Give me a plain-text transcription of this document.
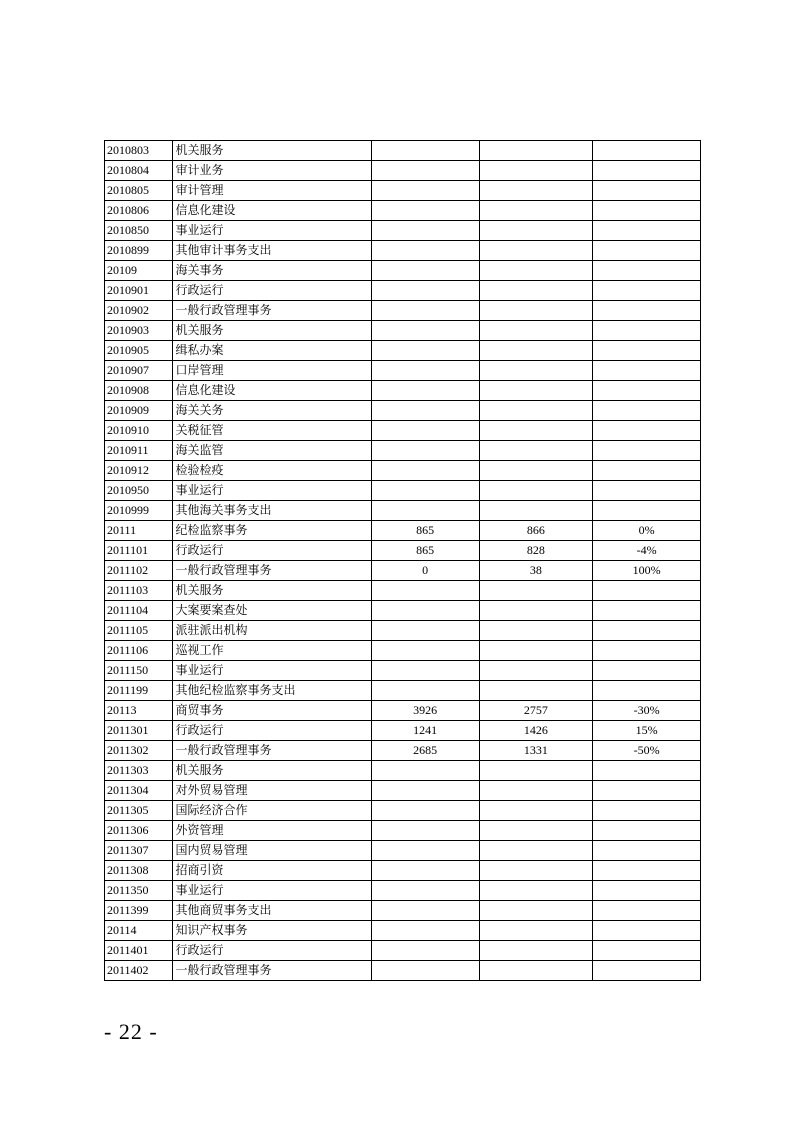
2010803	机关服务			
2010804	审计业务			
2010805	审计管理			
2010806	信息化建设			
2010850	事业运行			
2010899	其他审计事务支出			
20109	海关事务			
2010901	行政运行			
2010902	一般行政管理事务			
2010903	机关服务			
2010905	缉私办案			
2010907	口岸管理			
2010908	信息化建设			
2010909	海关关务			
2010910	关税征管			
2010911	海关监管			
2010912	检验检疫			
2010950	事业运行			
2010999	其他海关事务支出			
20111	纪检监察事务	865	866	0%
2011101	行政运行	865	828	-4%
2011102	一般行政管理事务	0	38	100%
2011103	机关服务			
2011104	大案要案查处			
2011105	派驻派出机构			
2011106	巡视工作			
2011150	事业运行			
2011199	其他纪检监察事务支出			
20113	商贸事务	3926	2757	-30%
2011301	行政运行	1241	1426	15%
2011302	一般行政管理事务	2685	1331	-50%
2011303	机关服务			
2011304	对外贸易管理			
2011305	国际经济合作			
2011306	外资管理			
2011307	国内贸易管理			
2011308	招商引资			
2011350	事业运行			
2011399	其他商贸事务支出			
20114	知识产权事务			
2011401	行政运行			
2011402	一般行政管理事务			
- 22 -
